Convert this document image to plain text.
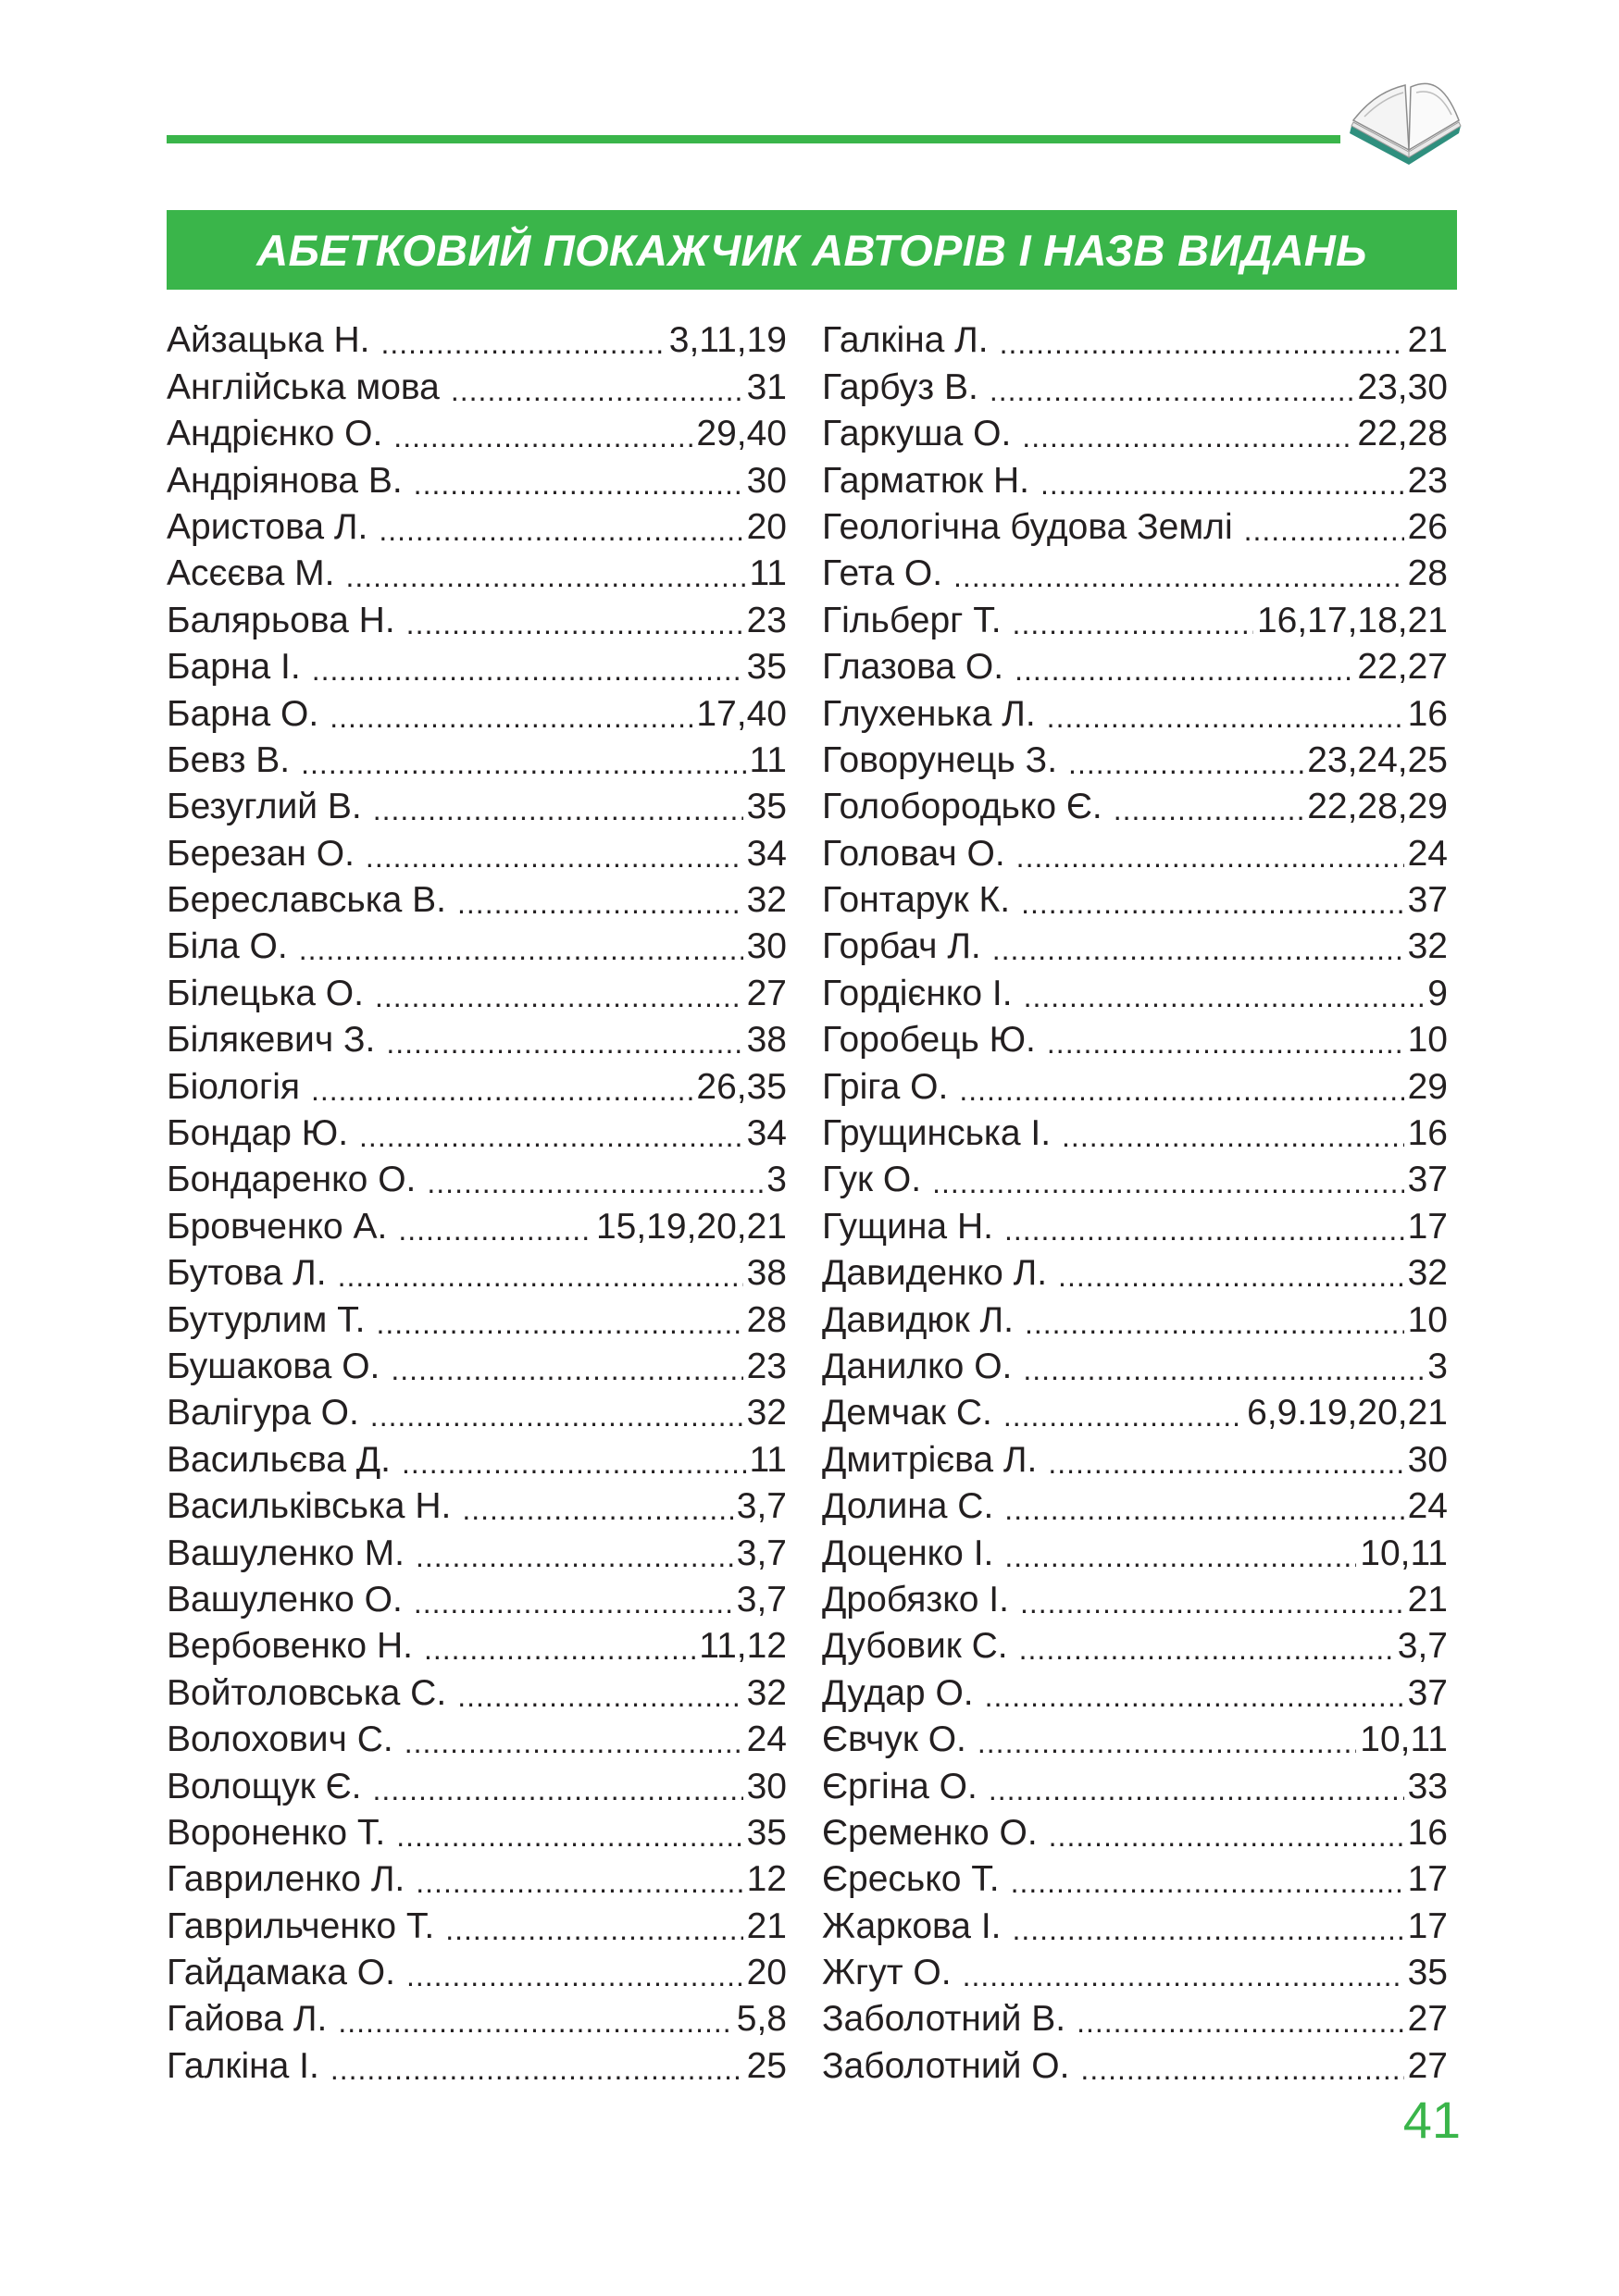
АБЕТКОВИЙ ПОКАЖЧИК АВТОРІВ І НАЗВ ВИДАНЬ
Айзацька Н. .....	3,11,19
Англійська мова .....	31
Андрієнко О. .....	29,40
Андріянова В. .....	30
Аристова Л. .....	20
Асєєва М. .....	11
Балярьова Н. .....	23
Барна І. .....	35
Барна О. .....	17,40
Бевз В. .....	11
Безуглий В. .....	35
Березан О. .....	34
Береславська В. .....	32
Біла О. .....	30
Білецька О. .....	27
Білякевич З. .....	38
Біологія .....	26,35
Бондар Ю. .....	34
Бондаренко О. .....	3
Бровченко А. .....	15,19,20,21
Бутова Л. .....	38
Бутурлим Т. .....	28
Бушакова О. .....	23
Валігура О. .....	32
Васильєва Д. .....	11
Васильківська Н. .....	3,7
Вашуленко М. .....	3,7
Вашуленко О. .....	3,7
Вербовенко Н. .....	11,12
Войтоловська С. .....	32
Волохович С. .....	24
Волощук Є. .....	30
Вороненко Т. .....	35
Гавриленко Л. .....	12
Гаврильченко Т. .....	21
Гайдамака О. .....	20
Гайова Л. .....	5,8
Галкіна І. .....	25
Галкіна Л. .....	21
Гарбуз В. .....	23,30
Гаркуша О. .....	22,28
Гарматюк Н. .....	23
Геологічна будова Землі .....	26
Гета О. .....	28
Гільберг Т. .....	16,17,18,21
Глазова О. .....	22,27
Глухенька Л. .....	16
Говорунець З. .....	23,24,25
Голобородько Є. .....	22,28,29
Головач О. .....	24
Гонтарук К. .....	37
Горбач Л. .....	32
Гордієнко І. .....	9
Горобець Ю. .....	10
Гріга О. .....	29
Грущинська І. .....	16
Гук О. .....	37
Гущина Н. .....	17
Давиденко Л. .....	32
Давидюк Л. .....	10
Данилко О. .....	3
Демчак С. .....	6,9.19,20,21
Дмитрієва Л. .....	30
Долина С. .....	24
Доценко І. .....	10,11
Дробязко І. .....	21
Дубовик С. .....	3,7
Дудар О. .....	37
Євчук О. .....	10,11
Єргіна О. .....	33
Єременко О. .....	16
Єресько Т. .....	17
Жаркова І. .....	17
Жгут О. .....	35
Заболотний В. .....	27
Заболотний О. .....	27
41
